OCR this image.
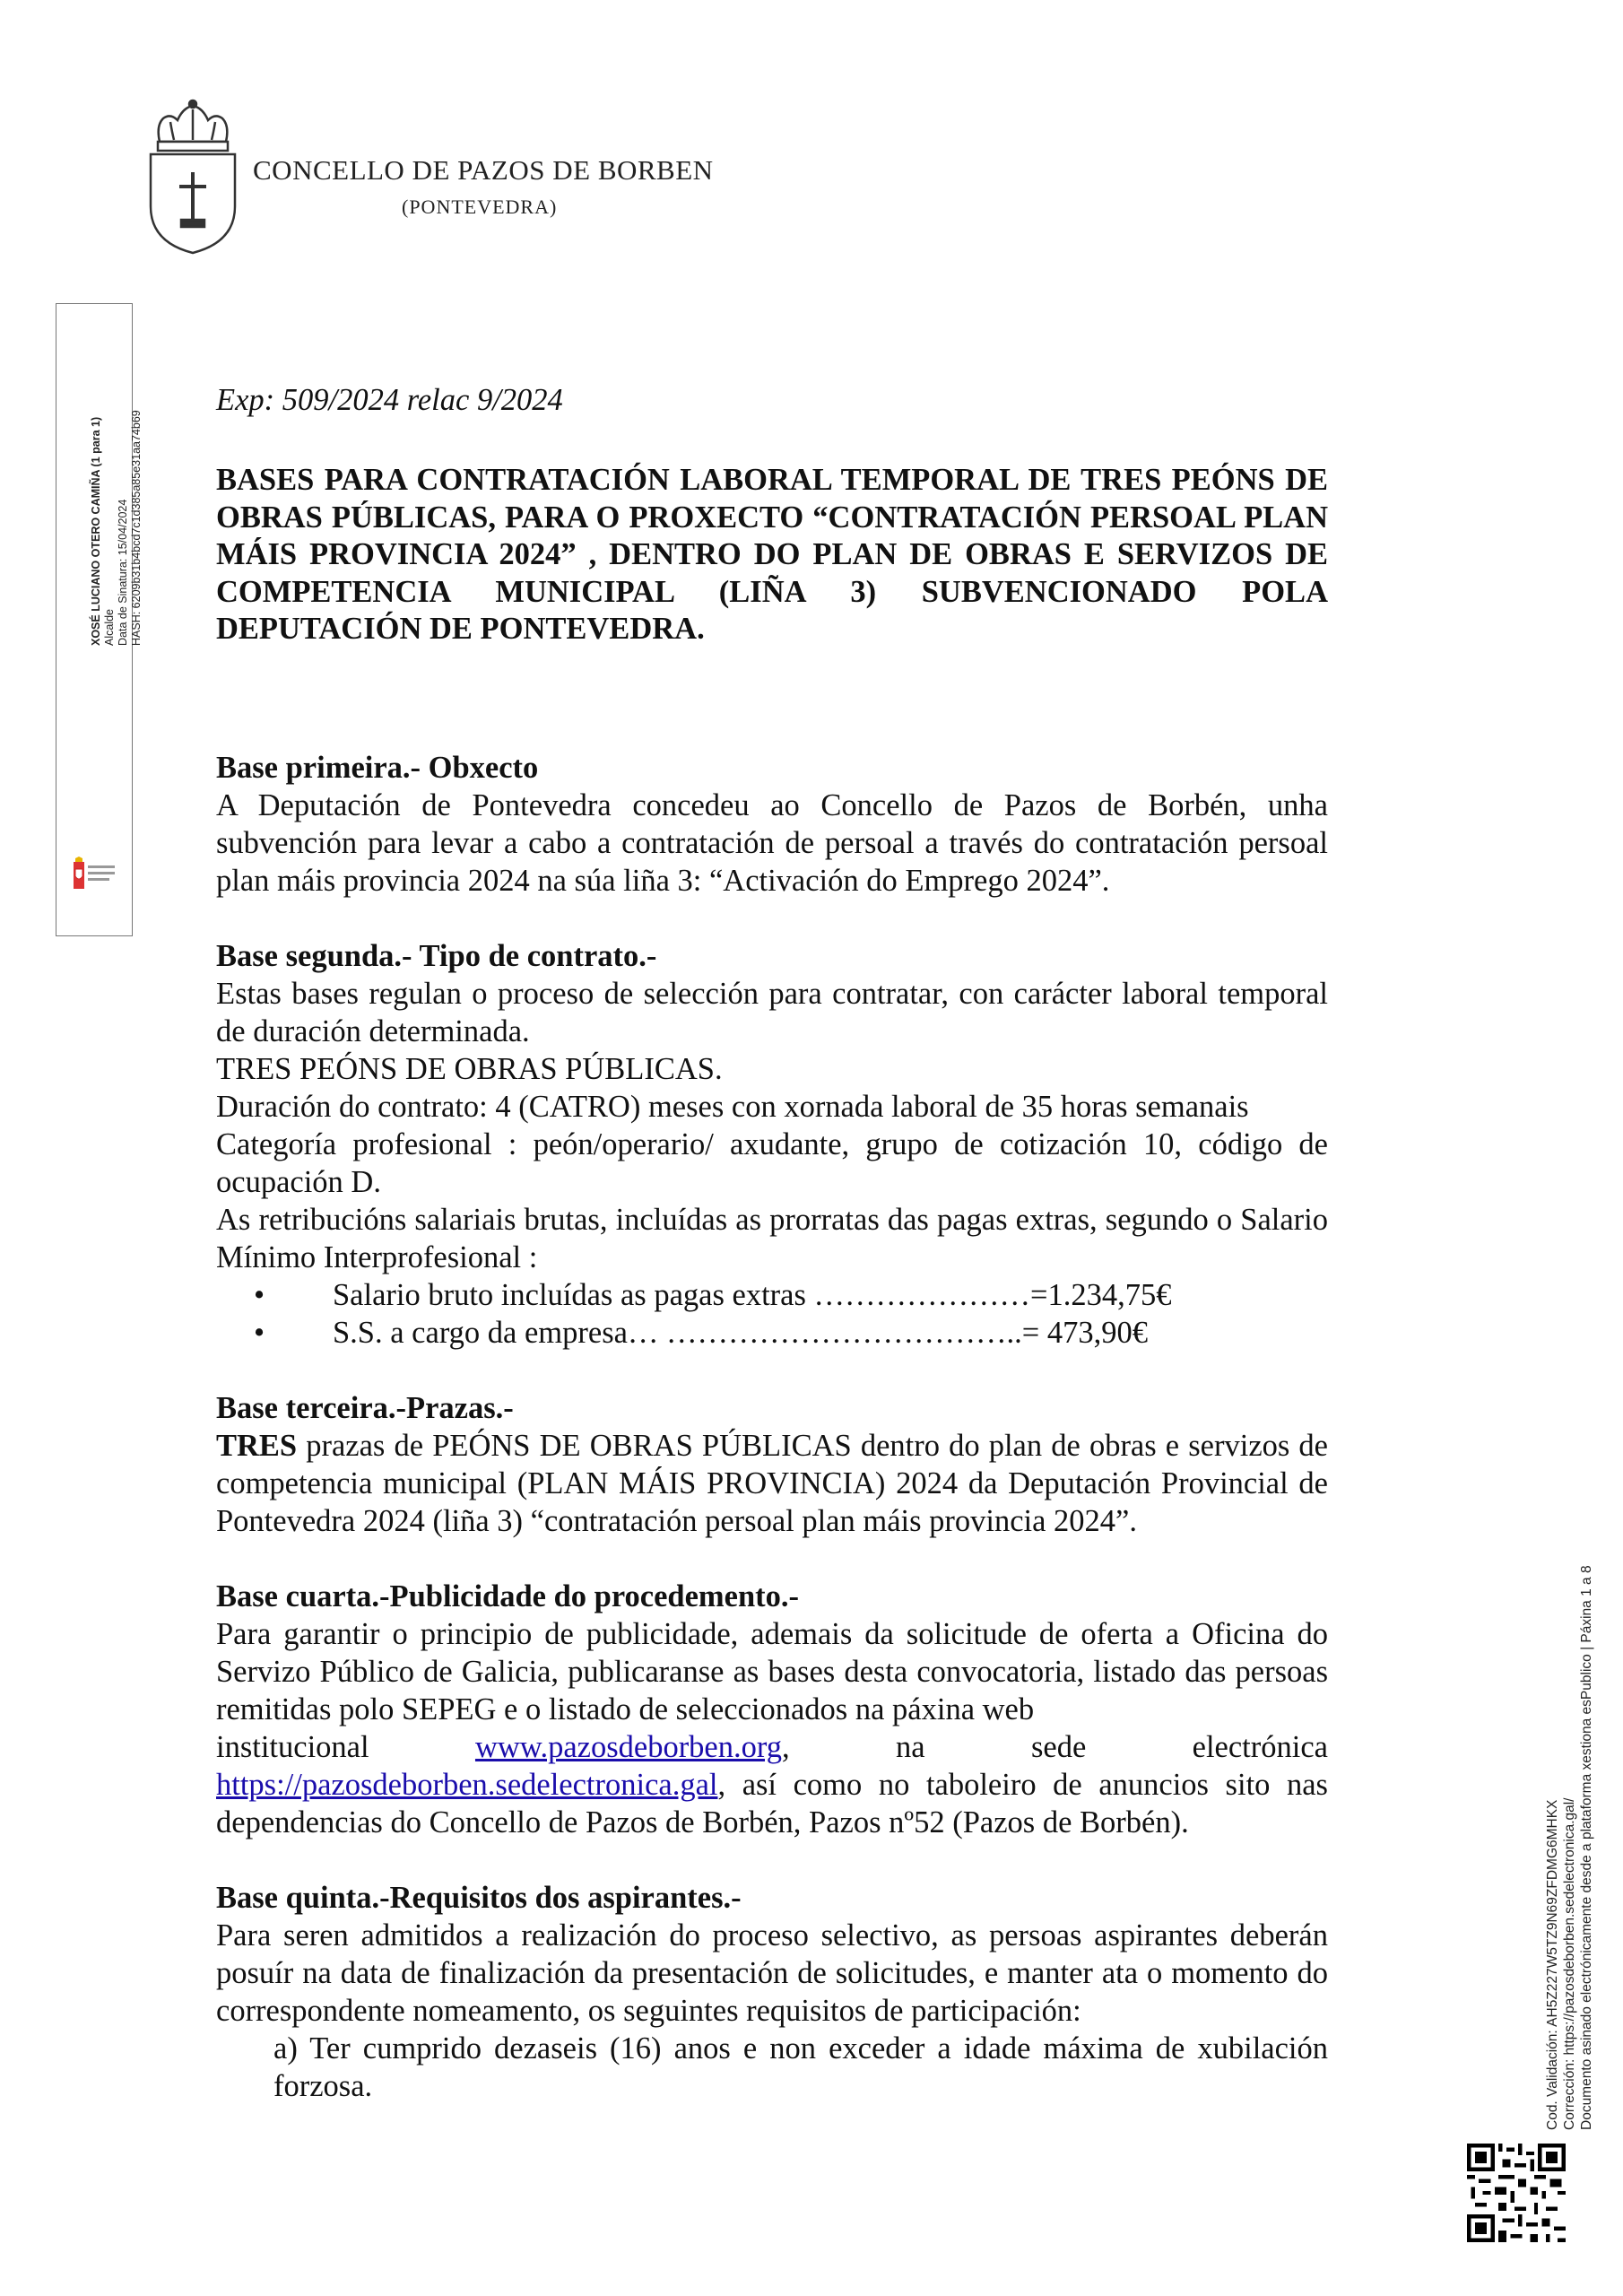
CONCELLO DE PAZOS DE BORBEN
(PONTEVEDRA)
XOSÉ LUCIANO OTERO CAMIÑA (1 para 1) Alcalde Data de Sinatura: 15/04/2024 HASH: 6209b31b4bcd7c1d385a85e31aa74b69
Exp: 509/2024 relac 9/2024
BASES PARA CONTRATACIÓN LABORAL TEMPORAL DE TRES PEÓNS DE
OBRAS PÚBLICAS, PARA O PROXECTO “CONTRATACIÓN PERSOAL PLAN
MÁIS PROVINCIA 2024” , DENTRO DO PLAN DE OBRAS E SERVIZOS DE
COMPETENCIA MUNICIPAL (LIÑA 3) SUBVENCIONADO POLA
DEPUTACIÓN DE PONTEVEDRA.
Base primeira.- Obxecto

A Deputación de Pontevedra concedeu ao Concello de Pazos de Borbén, unha subvención para levar a cabo a contratación de persoal a través do contratación persoal plan máis provincia 2024 na súa liña 3: “Activación do Emprego 2024”.

Base segunda.- Tipo de contrato.-

Estas bases regulan o proceso de selección para contratar, con carácter laboral temporal de duración determinada.

TRES PEÓNS DE OBRAS PÚBLICAS.

Duración do contrato: 4 (CATRO) meses con xornada laboral de 35 horas semanais

Categoría profesional : peón/operario/ axudante, grupo de cotización 10, código de ocupación D.

As retribucións salariais brutas, incluídas as prorratas das pagas extras, segundo o Salario Mínimo Interprofesional :

• Salario bruto incluídas as pagas extras …………………=1.234,75€
• S.S. a cargo da empresa… ……………………………..= 473,90€
Base terceira.-Prazas.-

TRES prazas de PEÓNS DE OBRAS PÚBLICAS dentro do plan de obras e servizos de competencia municipal (PLAN MÁIS PROVINCIA) 2024 da Deputación Provincial de Pontevedra 2024 (liña 3) “contratación persoal plan máis provincia 2024”.

Base cuarta.-Publicidade do procedemento.-

Para garantir o principio de publicidade, ademais da solicitude de oferta a Oficina do Servizo Público de Galicia, publicaranse as bases desta convocatoria, listado das persoas remitidas polo SEPEG e o listado de seleccionados na páxina web

institucional	www.pazosdeborben.org,	na	sede	electrónica

https://pazosdeborben.sedelectronica.gal, así como no taboleiro de anuncios sito nas dependencias do Concello de Pazos de Borbén, Pazos nº52 (Pazos de Borbén).

Base quinta.-Requisitos dos aspirantes.-

Para seren admitidos a realización do proceso selectivo, as persoas aspirantes deberán posuír na data de finalización da presentación de solicitudes, e manter ata o momento do correspondente nomeamento, os seguintes requisitos de participación:

a) Ter cumprido dezaseis (16) anos e non exceder a idade máxima de xubilación forzosa.	Cod. Validación: AH5Z227W5TZ9N69ZFDMG6MHKX Corrección: https://pazosdeborben.sedelectronica.gal/ Documento asinado electrónicamente desde a plataforma xestiona esPublico | Páxina 1 a 8
